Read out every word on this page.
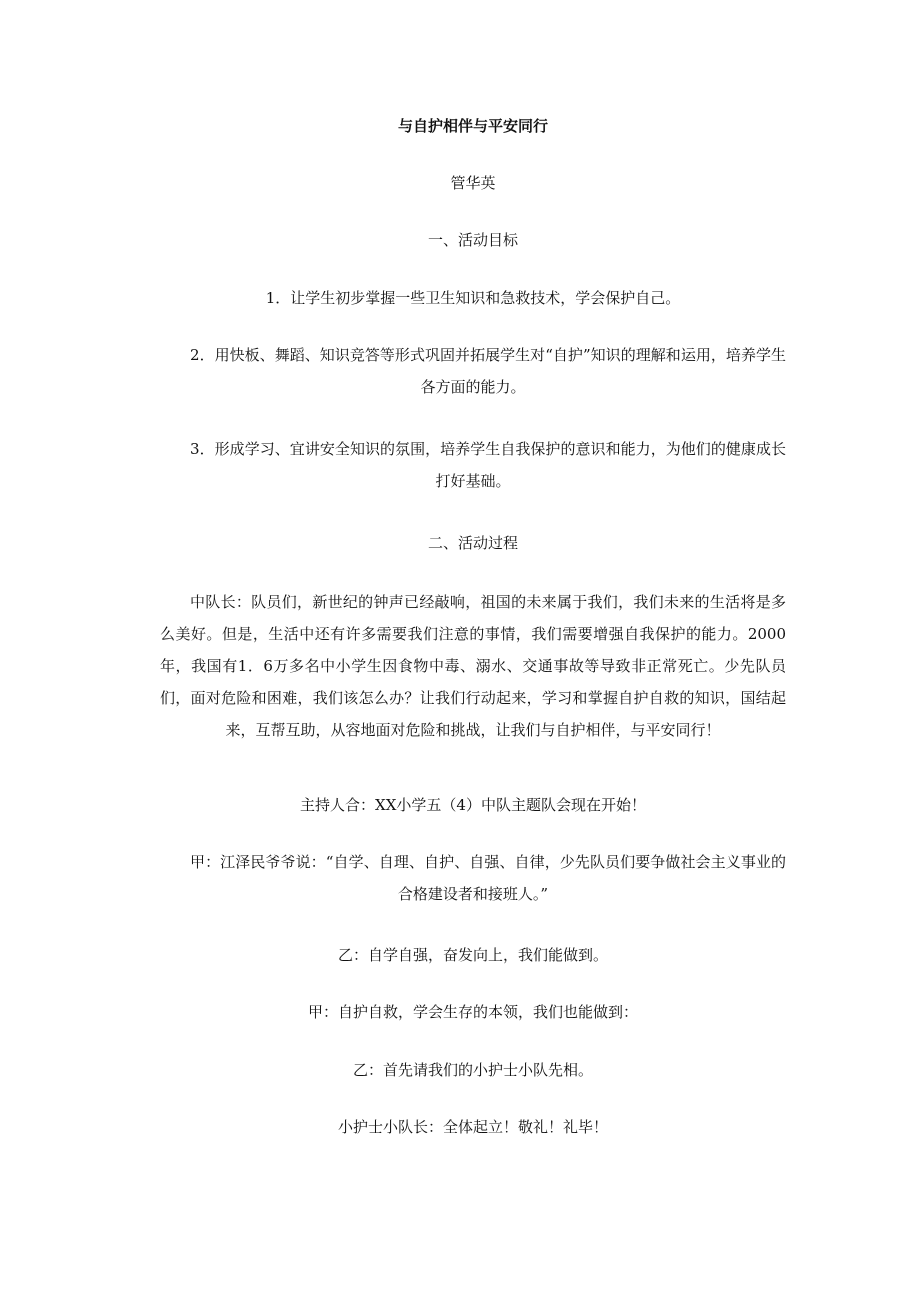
与自护相伴与平安同行

管华英

一、活动目标

1．让学生初步掌握一些卫生知识和急救技术，学会保护自己。

2．用快板、舞蹈、知识竞答等形式巩固并拓展学生对“自护”知识的理解和运用，培养学生各方面的能力。

3．形成学习、宜讲安全知识的氛围，培养学生自我保护的意识和能力，为他们的健康成长打好基础。

二、活动过程

中队长：队员们，新世纪的钟声已经敲响，祖国的未来属于我们，我们未来的生活将是多么美好。但是，生活中还有许多需要我们注意的事情，我们需要增强自我保护的能力。2000年，我国有1．6万多名中小学生因食物中毒、溺水、交通事故等导致非正常死亡。少先队员们，面对危险和困难，我们该怎么办？让我们行动起来，学习和掌握自护自救的知识，国结起来，互帮互助，从容地面对危险和挑战，让我们与自护相伴，与平安同行！

主持人合：XX小学五（4）中队主题队会现在开始！

甲：江泽民爷爷说：“自学、自理、自护、自强、自律，少先队员们要争做社会主义事业的合格建设者和接班人。”

乙：自学自强，奋发向上，我们能做到。

甲：自护自救，学会生存的本领，我们也能做到：

乙：首先请我们的小护士小队先相。

小护士小队长：全体起立！敬礼！礼毕！
